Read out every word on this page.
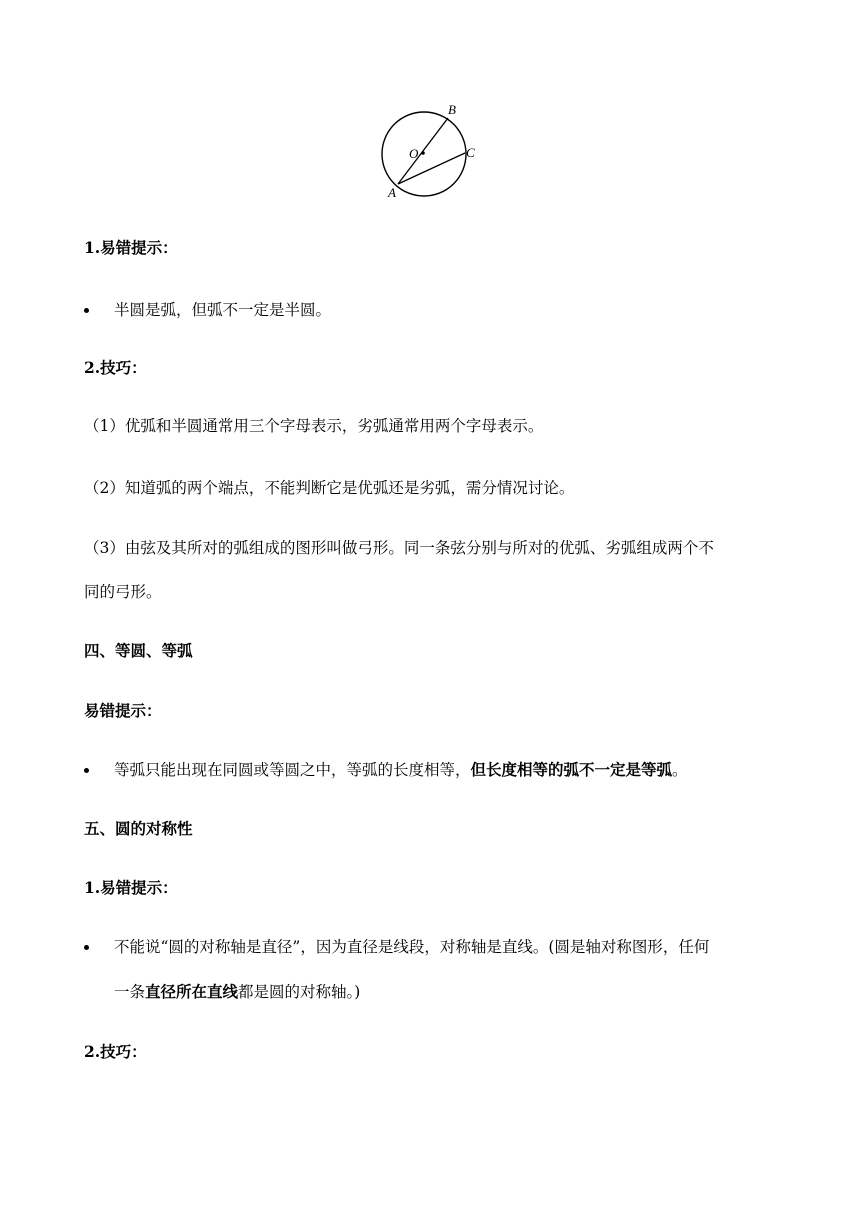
B
O	C
A
1.易错提示：
半圆是弧，但弧不一定是半圆。
2.技巧：
（1）优弧和半圆通常用三个字母表示，劣弧通常用两个字母表示。
（2）知道弧的两个端点，不能判断它是优弧还是劣弧，需分情况讨论。
（3）由弦及其所对的弧组成的图形叫做弓形。同一条弦分别与所对的优弧、劣弧组成两个不
同的弓形。
四、等圆、等弧
易错提示：
等弧只能出现在同圆或等圆之中，等弧的长度相等，但长度相等的弧不一定是等弧。
五、圆的对称性
1.易错提示：
不能说“圆的对称轴是直径”，因为直径是线段，对称轴是直线。(圆是轴对称图形，任何
一条直径所在直线都是圆的对称轴。)
2.技巧：
